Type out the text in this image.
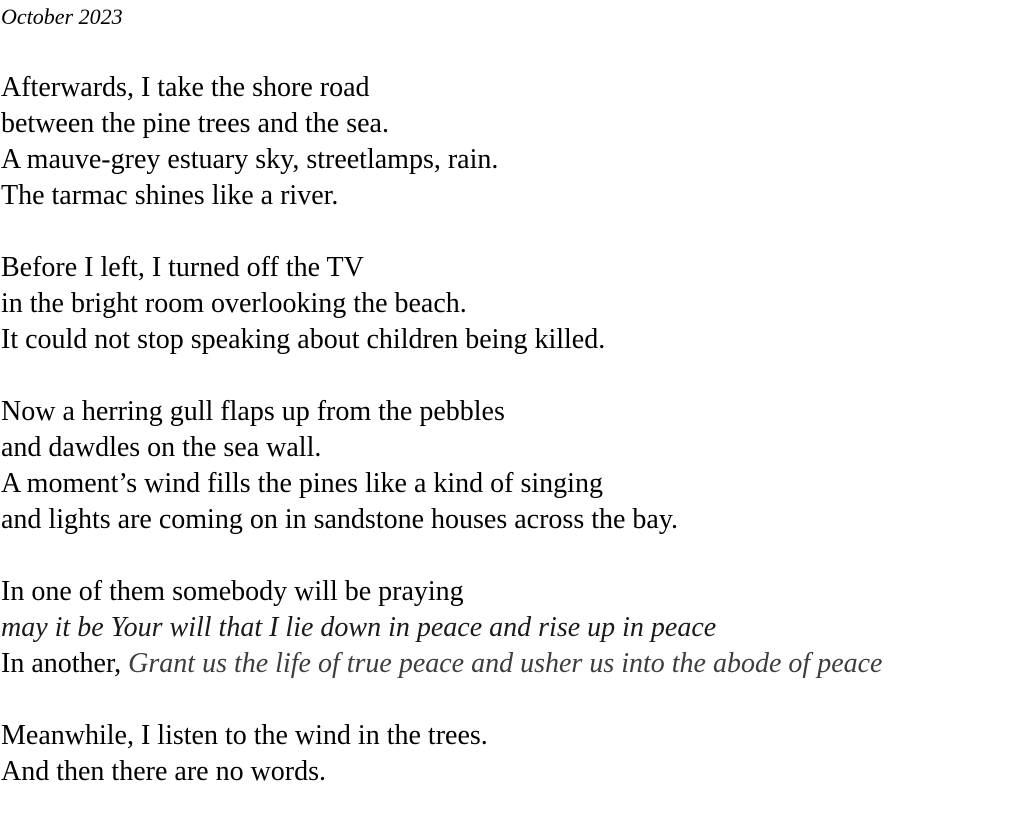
October 2023
Afterwards, I take the shore road
between the pine trees and the sea.
A mauve-grey estuary sky, streetlamps, rain.
The tarmac shines like a river.
Before I left, I turned off the TV
in the bright room overlooking the beach.
It could not stop speaking about children being killed.
Now a herring gull flaps up from the pebbles
and dawdles on the sea wall.
A moment’s wind fills the pines like a kind of singing
and lights are coming on in sandstone houses across the bay.
In one of them somebody will be praying
may it be Your will that I lie down in peace and rise up in peace
In another, Grant us the life of true peace and usher us into the abode of peace
Meanwhile, I listen to the wind in the trees.
And then there are no words.
